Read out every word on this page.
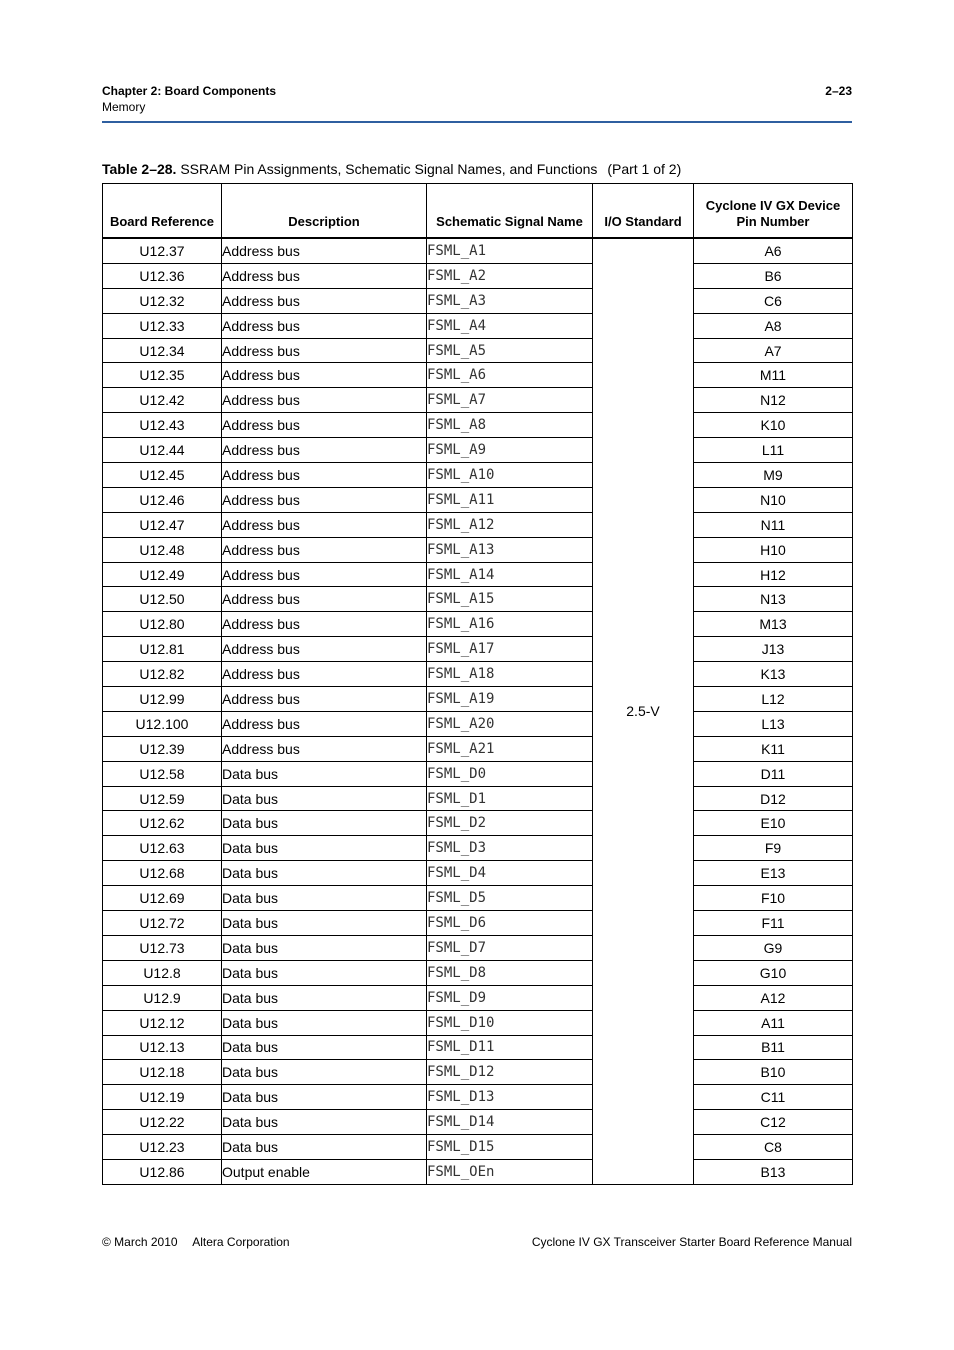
Chapter 2: Board Components
Memory
2–23
Table 2–28. SSRAM Pin Assignments, Schematic Signal Names, and Functions (Part 1 of 2)
Board Reference	Description	Schematic Signal Name	I/O Standard	Cyclone IV GX Device Pin Number
U12.37	Address bus	FSML_A1	2.5-V	A6
U12.36	Address bus	FSML_A2		B6
U12.32	Address bus	FSML_A3		C6
U12.33	Address bus	FSML_A4		A8
U12.34	Address bus	FSML_A5		A7
U12.35	Address bus	FSML_A6		M11
U12.42	Address bus	FSML_A7		N12
U12.43	Address bus	FSML_A8		K10
U12.44	Address bus	FSML_A9		L11
U12.45	Address bus	FSML_A10		M9
U12.46	Address bus	FSML_A11		N10
U12.47	Address bus	FSML_A12		N11
U12.48	Address bus	FSML_A13		H10
U12.49	Address bus	FSML_A14		H12
U12.50	Address bus	FSML_A15		N13
U12.80	Address bus	FSML_A16		M13
U12.81	Address bus	FSML_A17		J13
U12.82	Address bus	FSML_A18		K13
U12.99	Address bus	FSML_A19		L12
U12.100	Address bus	FSML_A20		L13
U12.39	Address bus	FSML_A21		K11
U12.58	Data bus	FSML_D0		D11
U12.59	Data bus	FSML_D1		D12
U12.62	Data bus	FSML_D2		E10
U12.63	Data bus	FSML_D3		F9
U12.68	Data bus	FSML_D4		E13
U12.69	Data bus	FSML_D5		F10
U12.72	Data bus	FSML_D6		F11
U12.73	Data bus	FSML_D7		G9
U12.8	Data bus	FSML_D8		G10
U12.9	Data bus	FSML_D9		A12
U12.12	Data bus	FSML_D10		A11
U12.13	Data bus	FSML_D11		B11
U12.18	Data bus	FSML_D12		B10
U12.19	Data bus	FSML_D13		C11
U12.22	Data bus	FSML_D14		C12
U12.23	Data bus	FSML_D15		C8
U12.86	Output enable	FSML_OEn		B13
© March 2010 Altera Corporation	Cyclone IV GX Transceiver Starter Board Reference Manual
